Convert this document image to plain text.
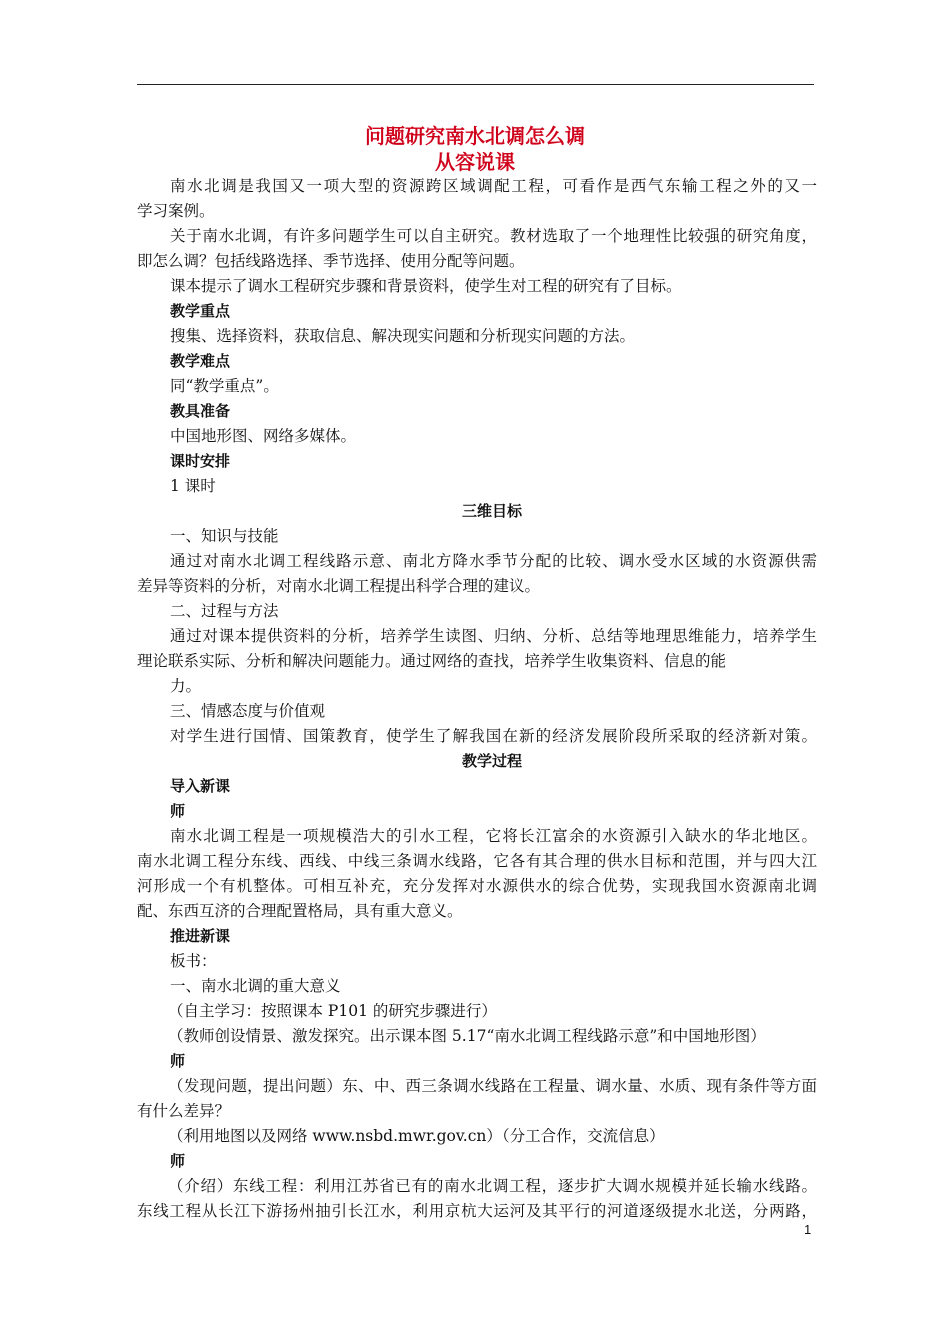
问题研究南水北调怎么调
从容说课
南水北调是我国又一项大型的资源跨区域调配工程，可看作是西气东输工程之外的又一
学习案例。
关于南水北调，有许多问题学生可以自主研究。教材选取了一个地理性比较强的研究角度，
即怎么调？包括线路选择、季节选择、使用分配等问题。
课本提示了调水工程研究步骤和背景资料，使学生对工程的研究有了目标。
教学重点
搜集、选择资料，获取信息、解决现实问题和分析现实问题的方法。
教学难点
同“教学重点”。
教具准备
中国地形图、网络多媒体。
课时安排
1 课时
三维目标
一、知识与技能
通过对南水北调工程线路示意、南北方降水季节分配的比较、调水受水区域的水资源供需
差异等资料的分析，对南水北调工程提出科学合理的建议。
二、过程与方法
通过对课本提供资料的分析，培养学生读图、归纳、分析、总结等地理思维能力，培养学生
理论联系实际、分析和解决问题能力。通过网络的查找，培养学生收集资料、信息的能
力。
三、情感态度与价值观
对学生进行国情、国策教育，使学生了解我国在新的经济发展阶段所采取的经济新对策。
教学过程
导入新课
师
南水北调工程是一项规模浩大的引水工程，它将长江富余的水资源引入缺水的华北地区。
南水北调工程分东线、西线、中线三条调水线路，它各有其合理的供水目标和范围，并与四大江
河形成一个有机整体。可相互补充，充分发挥对水源供水的综合优势，实现我国水资源南北调
配、东西互济的合理配置格局，具有重大意义。
推进新课
板书：
一、南水北调的重大意义
（自主学习：按照课本 P101 的研究步骤进行）
（教师创设情景、激发探究。出示课本图 5.17“南水北调工程线路示意”和中国地形图）
师
（发现问题，提出问题）东、中、西三条调水线路在工程量、调水量、水质、现有条件等方面
有什么差异？
（利用地图以及网络 www.nsbd.mwr.gov.cn）（分工合作，交流信息）
师
（介绍）东线工程：利用江苏省已有的南水北调工程，逐步扩大调水规模并延长输水线路。
东线工程从长江下游扬州抽引长江水，利用京杭大运河及其平行的河道逐级提水北送，分两路，
1
